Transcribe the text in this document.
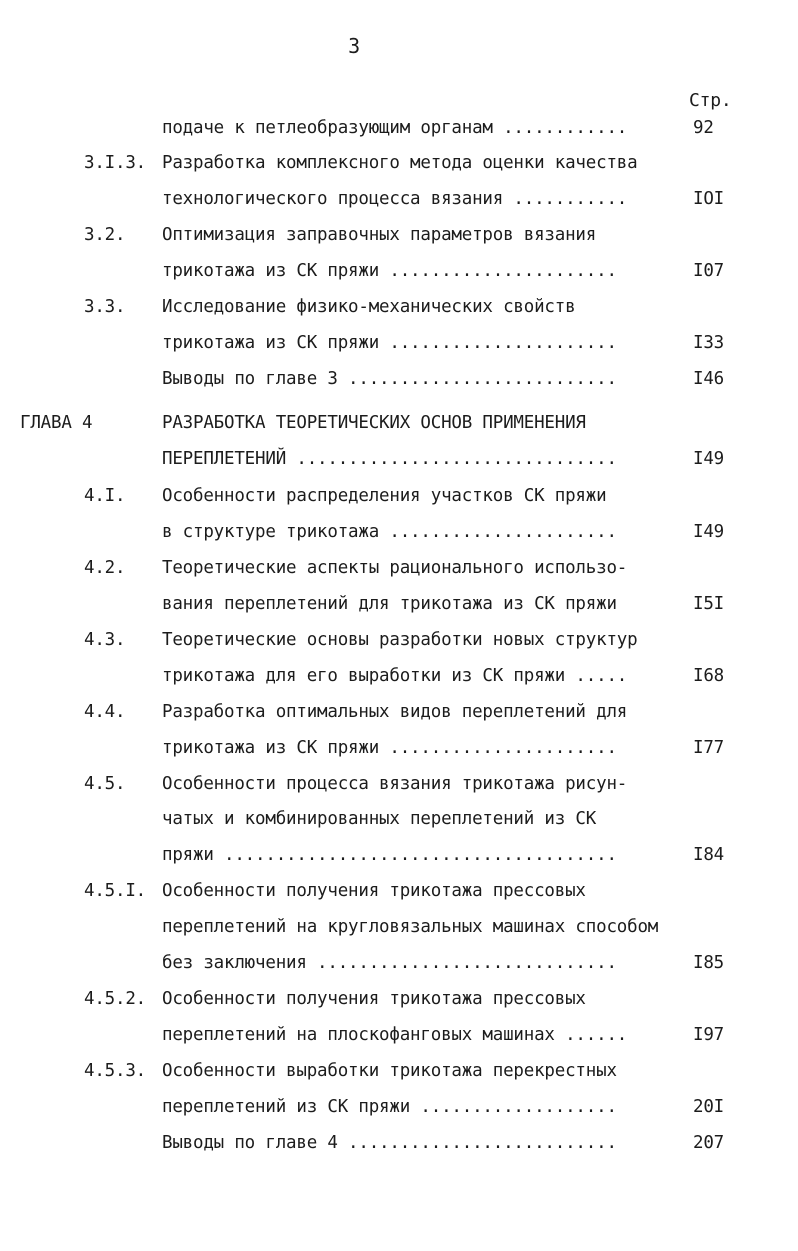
3
Стр.
подаче к петлеобразующим органам ............	92
3.I.3. Разработка комплексного метода оценки качества
технологического процесса вязания ...........	IOI
3.2. Оптимизация заправочных параметров вязания
трикотажа из СК пряжи ......................	I07
3.3. Исследование физико-механических свойств
трикотажа из СК пряжи ......................	I33
Выводы по главе 3 ..........................	I46
ГЛАВА 4	РАЗРАБОТКА ТЕОРЕТИЧЕСКИХ ОСНОВ ПРИМЕНЕНИЯ
ПЕРЕПЛЕТЕНИЙ ...............................	I49
4.I. Особенности распределения участков СК пряжи
в структуре трикотажа ......................	I49
4.2. Теоретические аспекты рационального использо-
вания переплетений для трикотажа из СК пряжи	I5I
4.3. Теоретические основы разработки новых структур
трикотажа для его выработки из СК пряжи .....	I68
4.4. Разработка оптимальных видов переплетений для
трикотажа из СК пряжи ......................	I77
4.5. Особенности процесса вязания трикотажа рисун-
чатых и комбинированных переплетений из СК
пряжи ......................................	I84
4.5.I. Особенности получения трикотажа прессовых
переплетений на кругловязальных машинах способом
без заключения .............................	I85
4.5.2. Особенности получения трикотажа прессовых
переплетений на плоскофанговых машинах ......	I97
4.5.3. Особенности выработки трикотажа перекрестных
переплетений из СК пряжи ...................	20I
Выводы по главе 4 ..........................	207
